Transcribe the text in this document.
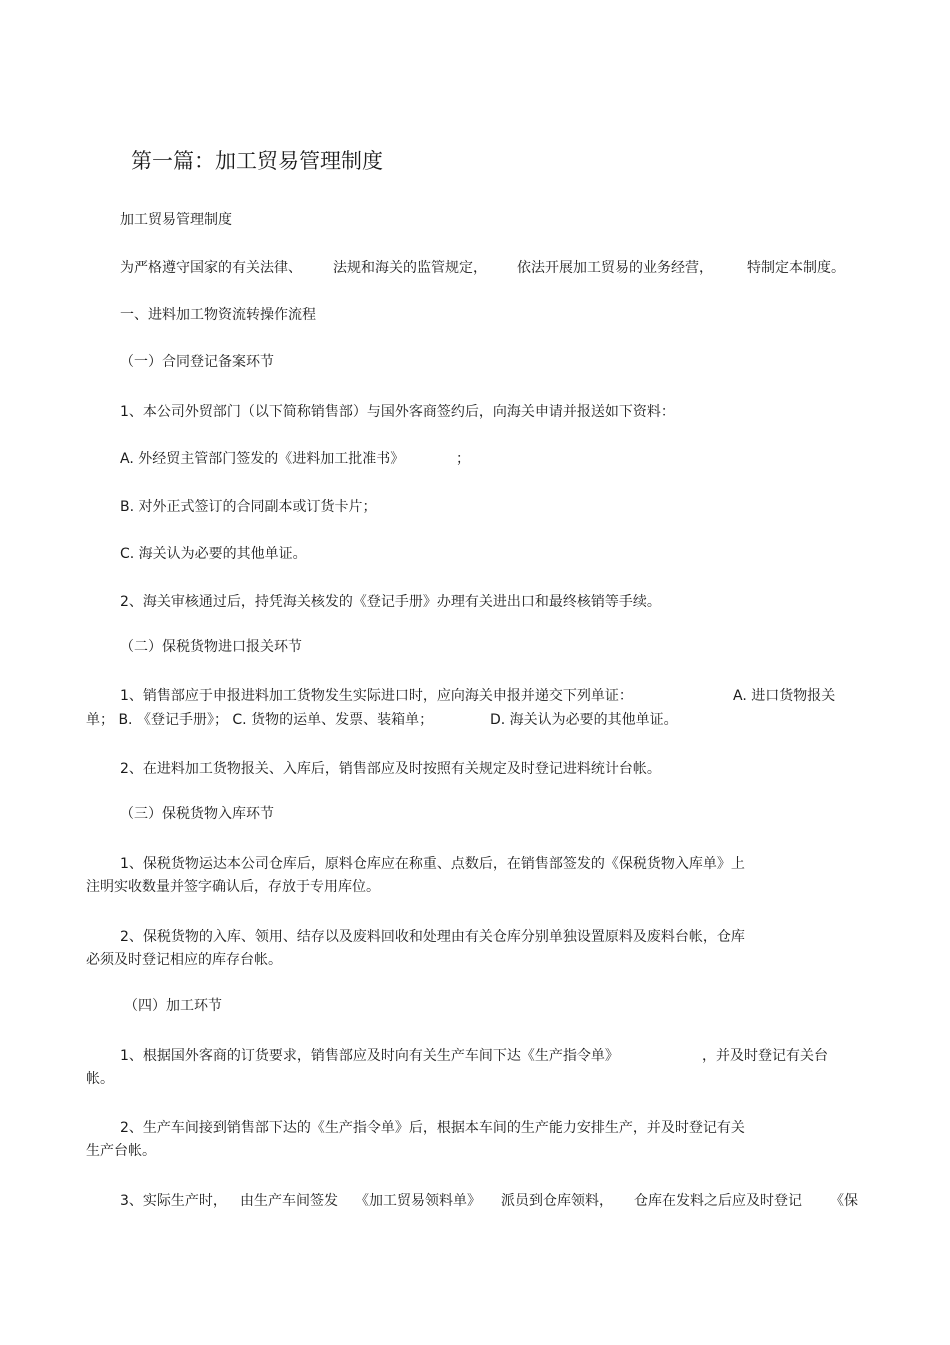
第一篇：加工贸易管理制度
加工贸易管理制度
为严格遵守国家的有关法律、 法规和海关的监管规定， 依法开展加工贸易的业务经营， 特制定本制度。
一、进料加工物资流转操作流程
（一）合同登记备案环节
1、本公司外贸部门（以下简称销售部）与国外客商签约后，向海关申请并报送如下资料：
A. 外经贸主管部门签发的《进料加工批准书》	；
B. 对外正式签订的合同副本或订货卡片；
C. 海关认为必要的其他单证。
2、海关审核通过后，持凭海关核发的《登记手册》办理有关进出口和最终核销等手续。
（二）保税货物进口报关环节
1、销售部应于申报进料加工货物发生实际进口时，应向海关申报并递交下列单证：	A. 进口货物报关
单； B. 《登记手册》； C. 货物的运单、发票、装箱单；	D. 海关认为必要的其他单证。
2、在进料加工货物报关、入库后，销售部应及时按照有关规定及时登记进料统计台帐。
（三）保税货物入库环节
1、保税货物运达本公司仓库后，原料仓库应在称重、点数后，在销售部签发的《保税货物入库单》上
注明实收数量并签字确认后，存放于专用库位。
2、保税货物的入库、领用、结存以及废料回收和处理由有关仓库分别单独设置原料及废料台帐，仓库
必须及时登记相应的库存台帐。
（四）加工环节
1、根据国外客商的订货要求，销售部应及时向有关生产车间下达《生产指令单》	，并及时登记有关台
帐。
2、生产车间接到销售部下达的《生产指令单》后，根据本车间的生产能力安排生产，并及时登记有关
生产台帐。
3、实际生产时， 由生产车间签发 《加工贸易领料单》 派员到仓库领料， 仓库在发料之后应及时登记 《保
